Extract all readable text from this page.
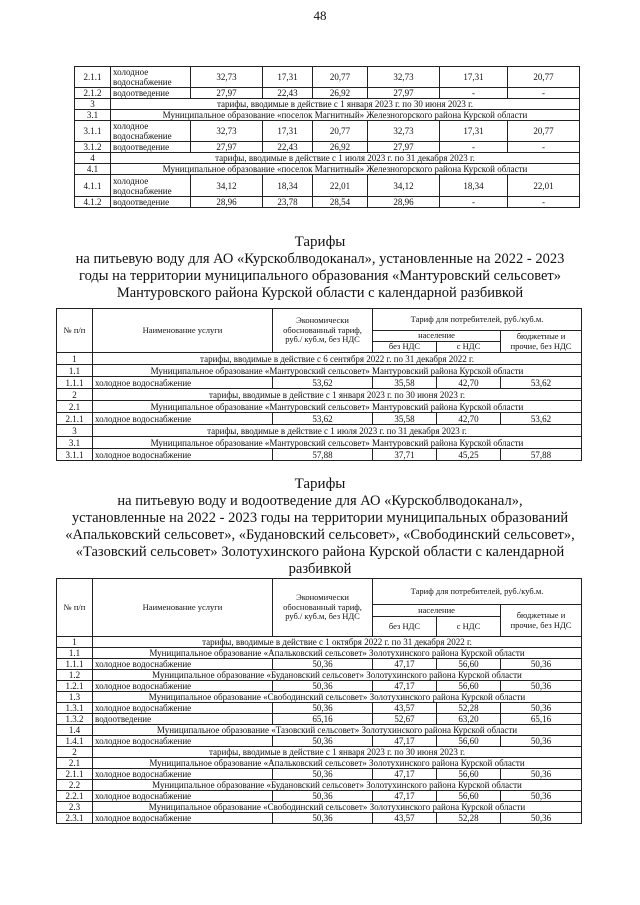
48
2.1.1	холодное водоснабжение	32,73	17,31	20,77	32,73	17,31	20,77
2.1.2	водоотведение	27,97	22,43	26,92	27,97	-	-
3	тарифы, вводимые в действие с 1 января 2023 г. по 30 июня 2023 г.						
3.1	Муниципальное образование «поселок Магнитный» Железногорского района Курской области						
3.1.1	холодное водоснабжение	32,73	17,31	20,77	32,73	17,31	20,77
3.1.2	водоотведение	27,97	22,43	26,92	27,97	-	-
4	тарифы, вводимые в действие с 1 июля 2023 г. по 31 декабря 2023 г.						
4.1	Муниципальное образование «поселок Магнитный» Железногорского района Курской области						
4.1.1	холодное водоснабжение	34,12	18,34	22,01	34,12	18,34	22,01
4.1.2	водоотведение	28,96	23,78	28,54	28,96	-	-
Тарифы
на питьевую воду для АО «Курскоблводоканал», установленные на 2022 - 2023
годы на территории муниципального образования «Мантуровский сельсовет»
Мантуровского района Курской области с календарной разбивкой
№ п/п	Наименование услуги	Экономически обоснованный тариф, руб./ куб.м, без НДС	Тариф для потребителей, руб./куб.м.		
			население		бюджетные и прочие, без НДС
			без НДС	с НДС	
1	тарифы, вводимые в действие с 6 сентября 2022 г. по 31 декабря 2022 г.				
1.1	Муниципальное образование «Мантуровский сельсовет» Мантуровский района Курской области				
1.1.1	холодное водоснабжение	53,62	35,58	42,70	53,62
2	тарифы, вводимые в действие с 1 января 2023 г. по 30 июня 2023 г.				
2.1	Муниципальное образование «Мантуровский сельсовет» Мантуровский района Курской области				
2.1.1	холодное водоснабжение	53,62	35,58	42,70	53,62
3	тарифы, вводимые в действие с 1 июля 2023 г. по 31 декабря 2023 г.				
3.1	Муниципальное образование «Мантуровский сельсовет» Мантуровский района Курской области				
3.1.1	холодное водоснабжение	57,88	37,71	45,25	57,88
Тарифы
на питьевую воду и водоотведение для АО «Курскоблводоканал»,
установленные на 2022 - 2023 годы на территории муниципальных образований
«Апальковский сельсовет», «Будановский сельсовет», «Свободинский сельсовет»,
«Тазовский сельсовет» Золотухинского района Курской области с календарной
разбивкой
№ п/п	Наименование услуги	Экономически обоснованный тариф, руб./ куб.м, без НДС	Тариф для потребителей, руб./куб.м.		
			население		бюджетные и прочие, без НДС
			без НДС	с НДС	
1	тарифы, вводимые в действие с 1 октября 2022 г. по 31 декабря 2022 г.				
1.1	Муниципальное образование «Апальковский сельсовет» Золотухинского района Курской области				
1.1.1	холодное водоснабжение	50,36	47,17	56,60	50,36
1.2	Муниципальное образование «Будановский сельсовет» Золотухинского района Курской области				
1.2.1	холодное водоснабжение	50,36	47,17	56,60	50,36
1.3	Муниципальное образование «Свободинский сельсовет» Золотухинского района Курской области				
1.3.1	холодное водоснабжение	50,36	43,57	52,28	50,36
1.3.2	водоотведение	65,16	52,67	63,20	65,16
1.4	Муниципальное образование «Тазовский сельсовет» Золотухинского района Курской области				
1.4.1	холодное водоснабжение	50,36	47,17	56,60	50,36
2	тарифы, вводимые в действие с 1 января 2023 г. по 30 июня 2023 г.				
2.1	Муниципальное образование «Апальковский сельсовет» Золотухинского района Курской области				
2.1.1	холодное водоснабжение	50,36	47,17	56,60	50,36
2.2	Муниципальное образование «Будановский сельсовет» Золотухинского района Курской области				
2.2.1	холодное водоснабжение	50,36	47,17	56,60	50,36
2.3	Муниципальное образование «Свободинский сельсовет» Золотухинского района Курской области				
2.3.1	холодное водоснабжение	50,36	43,57	52,28	50,36
